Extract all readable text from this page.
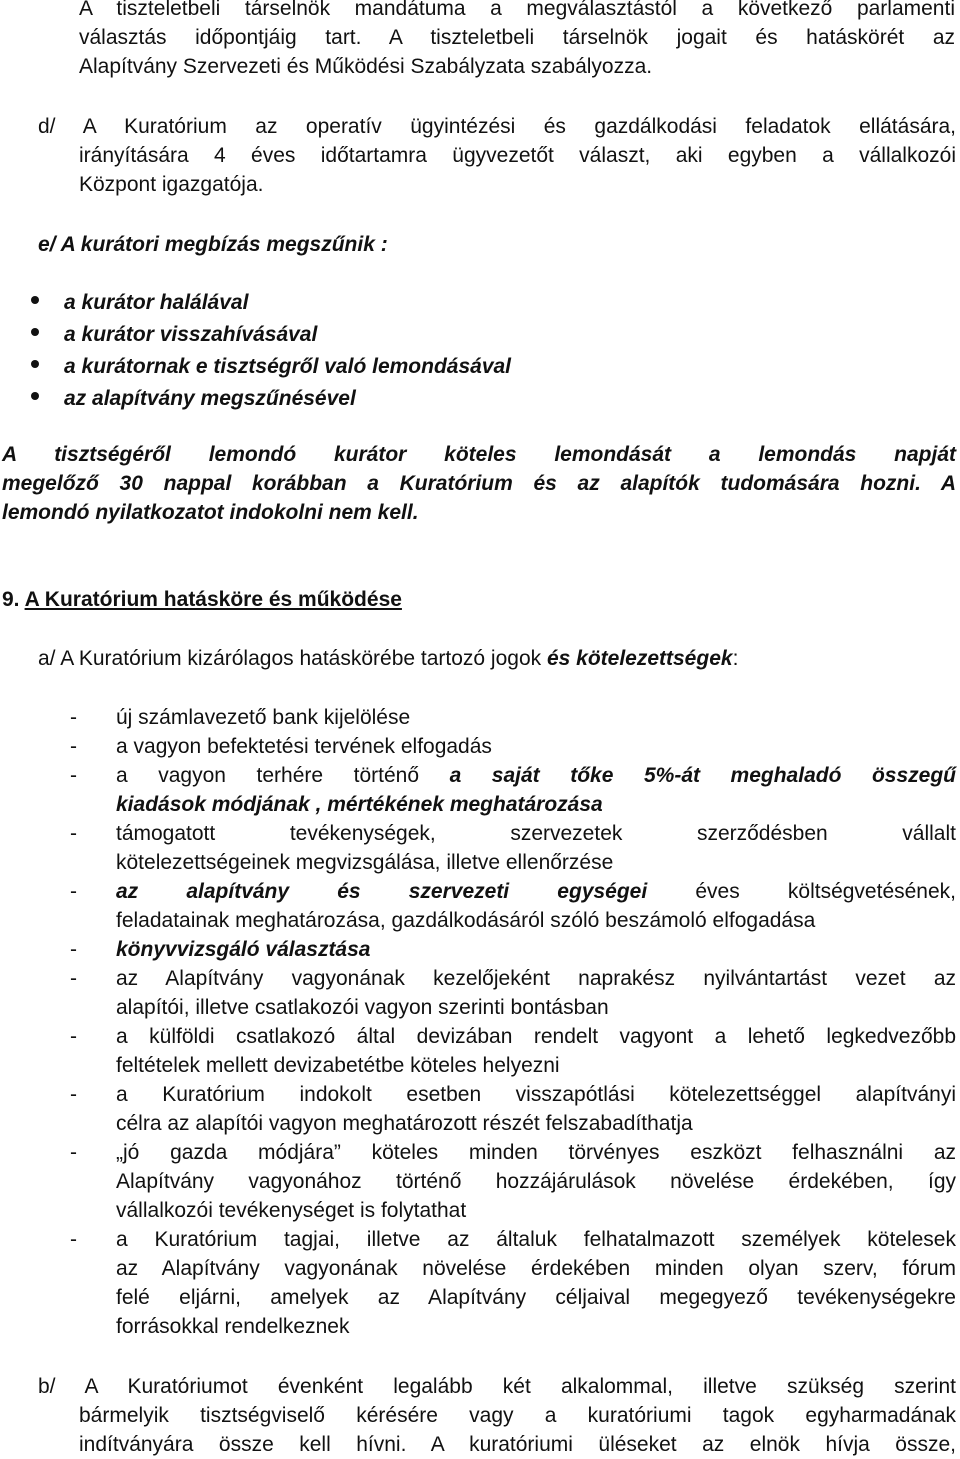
A tiszteletbeli társelnök mandátuma a megválasztástól a következő parlamenti
választás időpontjáig tart. A tiszteletbeli társelnök jogait és hatáskörét az
Alapítvány Szervezeti és Működési Szabályzata szabályozza.
d/ A Kuratórium az operatív ügyintézési és gazdálkodási feladatok ellátására,
irányítására 4 éves időtartamra ügyvezetőt választ, aki egyben a vállalkozói
Központ igazgatója.
e/ A kurátori megbízás megszűnik :
a kurátor halálával
a kurátor visszahívásával
a kurátornak e tisztségről való lemondásával
az alapítvány megszűnésével
A tisztségéről lemondó kurátor köteles lemondását a lemondás napját
megelőző 30 nappal korábban a Kuratórium és az alapítók tudomására hozni. A
lemondó nyilatkozatot indokolni nem kell.
9. A Kuratórium hatásköre és működése
a/ A Kuratórium kizárólagos hatáskörébe tartozó jogok és kötelezettségek:
- új számlavezető bank kijelölése
- a vagyon befektetési tervének elfogadás
- a vagyon terhére történő a saját tőke 5%-át meghaladó összegű
kiadások módjának , mértékének meghatározása
- támogatott tevékenységek, szervezetek szerződésben vállalt
kötelezettségeinek megvizsgálása, illetve ellenőrzése
- az alapítvány és szervezeti egységei éves költségvetésének,
feladatainak meghatározása, gazdálkodásáról szóló beszámoló elfogadása
- könyvvizsgáló választása
- az Alapítvány vagyonának kezelőjeként naprakész nyilvántartást vezet az
alapítói, illetve csatlakozói vagyon szerinti bontásban
- a külföldi csatlakozó által devizában rendelt vagyont a lehető legkedvezőbb
feltételek mellett devizabetétbe köteles helyezni
- a Kuratórium indokolt esetben visszapótlási kötelezettséggel alapítványi
célra az alapítói vagyon meghatározott részét felszabadíthatja
- „jó gazda módjára” köteles minden törvényes eszközt felhasználni az
Alapítvány vagyonához történő hozzájárulások növelése érdekében, így
vállalkozói tevékenységet is folytathat
- a Kuratórium tagjai, illetve az általuk felhatalmazott személyek kötelesek
az Alapítvány vagyonának növelése érdekében minden olyan szerv, fórum
felé eljárni, amelyek az Alapítvány céljaival megegyező tevékenységekre
forrásokkal rendelkeznek
b/ A Kuratóriumot évenként legalább két alkalommal, illetve szükség szerint
bármelyik tisztségviselő kérésére vagy a kuratóriumi tagok egyharmadának
indítványára össze kell hívni. A kuratóriumi üléseket az elnök hívja össze,
